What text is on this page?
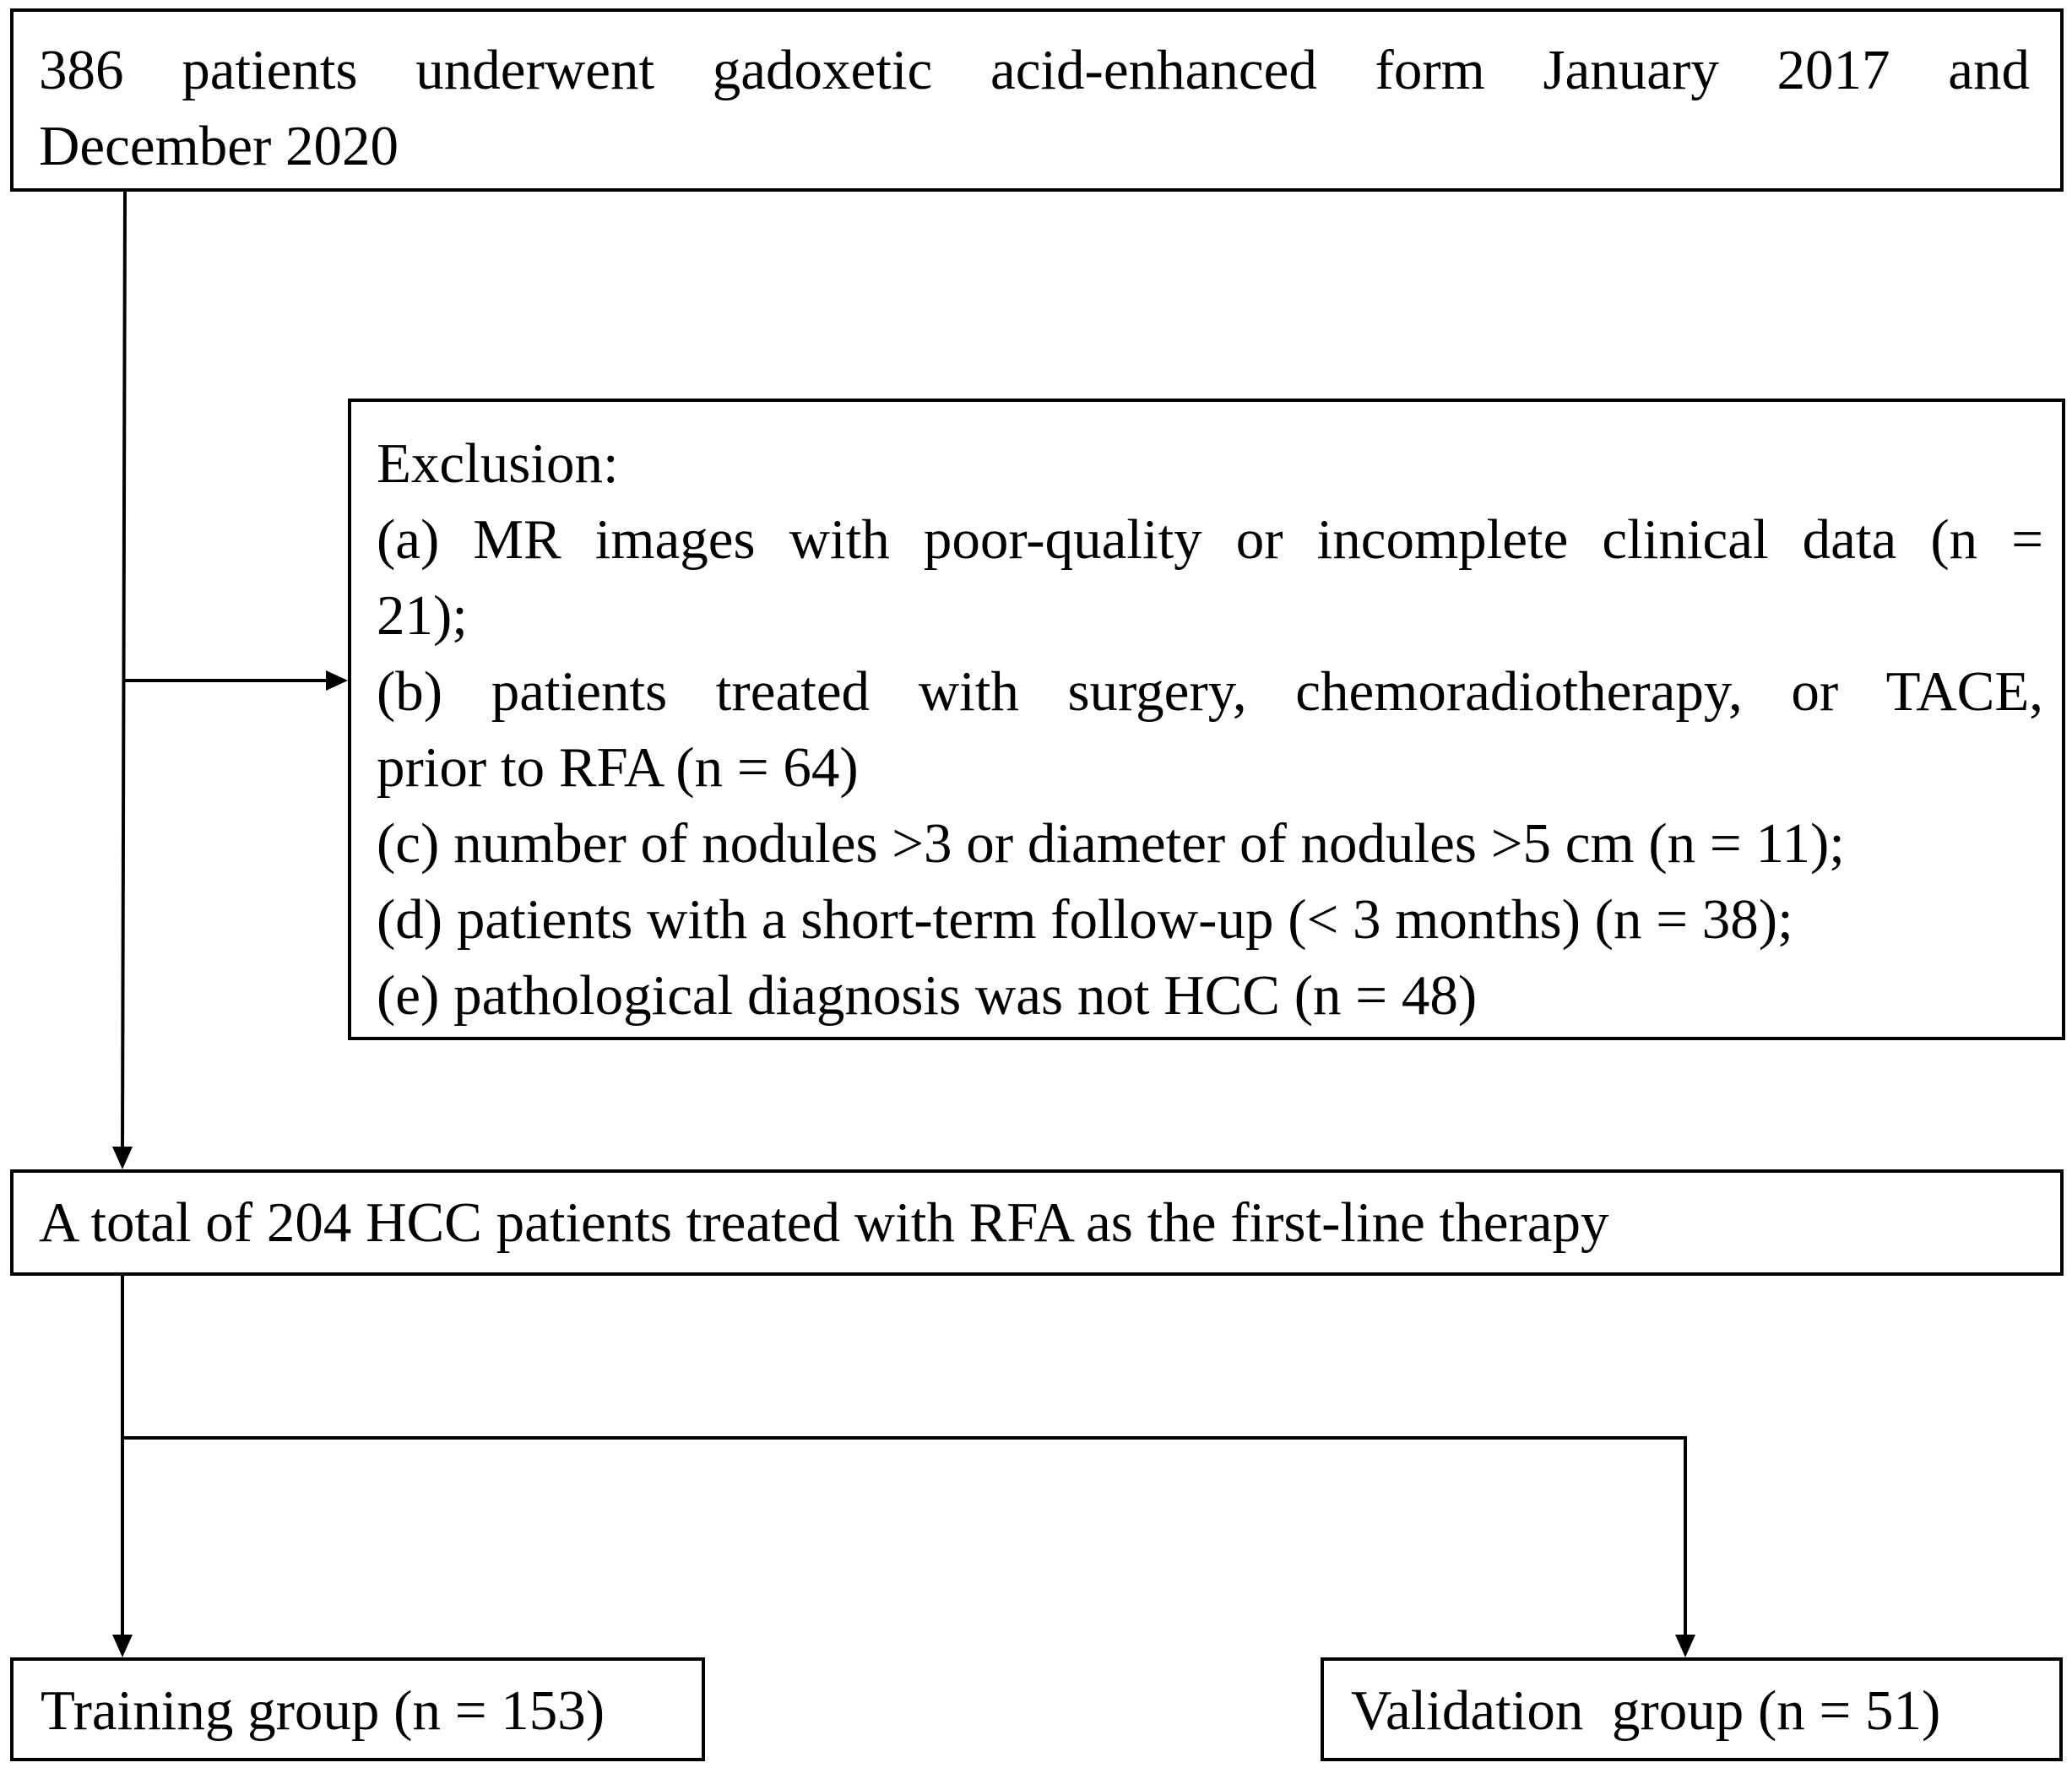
386 patients underwent gadoxetic acid-enhanced form January 2017 and
December 2020
Exclusion:
(a) MR images with poor-quality or incomplete clinical data (n =
21);
(b) patients treated with surgery, chemoradiotherapy, or TACE,
prior to RFA (n = 64)
(c) number of nodules >3 or diameter of nodules >5 cm (n = 11);
(d) patients with a short-term follow-up (< 3 months) (n = 38);
(e) pathological diagnosis was not HCC (n = 48)
A total of 204 HCC patients treated with RFA as the first-line therapy
Training group (n = 153)	Validation  group (n = 51)
